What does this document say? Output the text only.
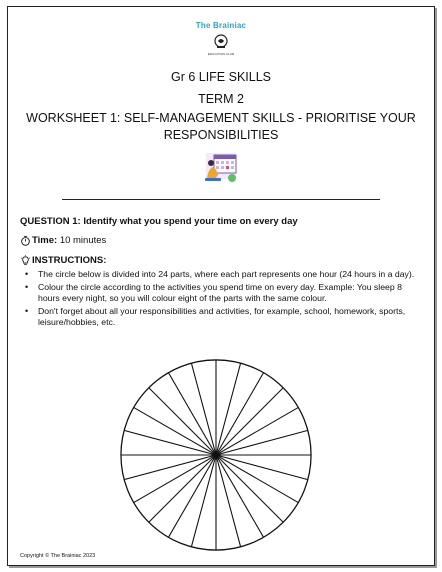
The Brainiac
EDUCATION CLUB
Gr 6 LIFE SKILLS
TERM 2
WORKSHEET 1: SELF-MANAGEMENT SKILLS - PRIORITISE YOUR RESPONSIBILITIES
QUESTION 1: Identify what you spend your time on every day
Time:
10 minutes
INSTRUCTIONS:
• The circle below is divided into 24 parts, where each part represents one hour (24 hours in a day).
• Colour the circle according to the activities you spend time on every day. Example: You sleep 8 hours every night, so you will colour eight of the parts with the same colour.
• Don't forget about all your responsibilities and activities, for example, school, homework, sports, leisure/hobbies, etc.
Copyright © The Brainiac 2023
